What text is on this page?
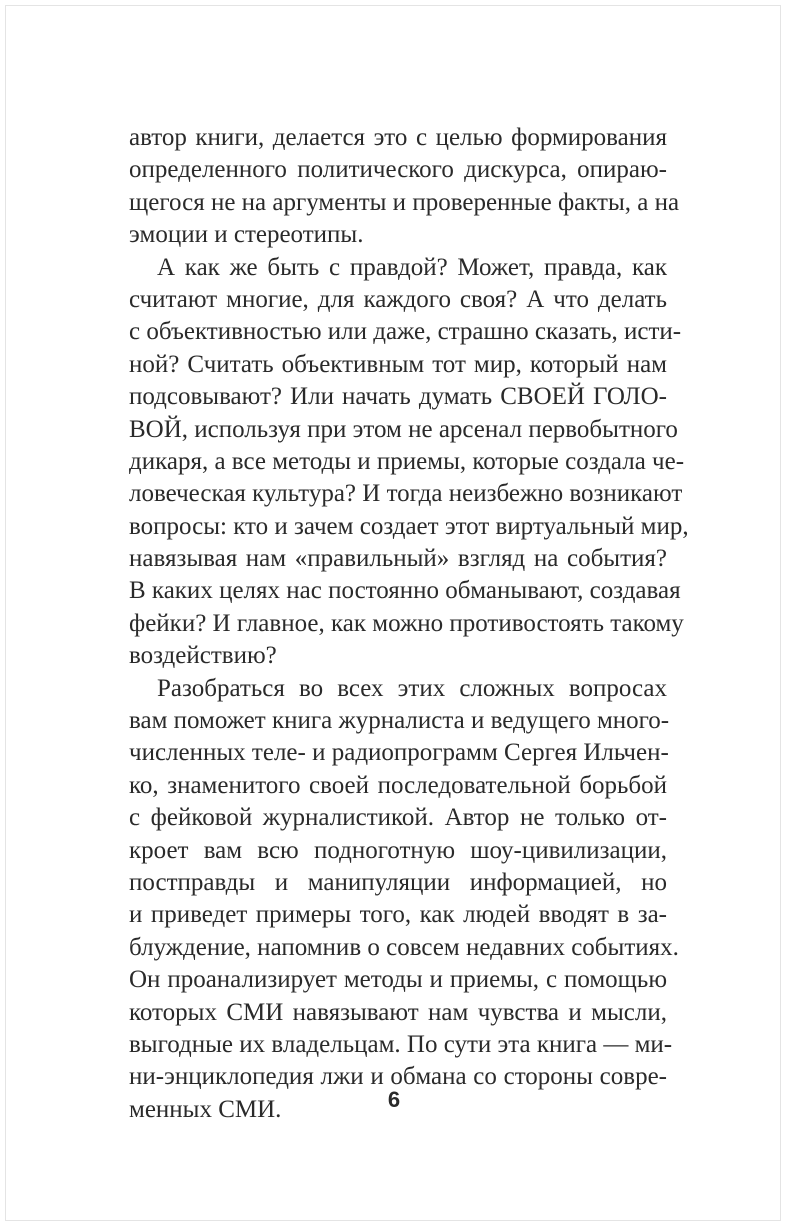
автор книги, делается это с целью формирования
определенного политического дискурса, опираю-
щегося не на аргументы и проверенные факты, а на
эмоции и стереотипы.
А как же быть с правдой? Может, правда, как
считают многие, для каждого своя? А что делать
с объективностью или даже, страшно сказать, исти-
ной? Считать объективным тот мир, который нам
подсовывают? Или начать думать СВОЕЙ ГОЛО-
ВОЙ, используя при этом не арсенал первобытного
дикаря, а все методы и приемы, которые создала че-
ловеческая культура? И тогда неизбежно возникают
вопросы: кто и зачем создает этот виртуальный мир,
навязывая нам «правильный» взгляд на события?
В каких целях нас постоянно обманывают, создавая
фейки? И главное, как можно противостоять такому
воздействию?
Разобраться во всех этих сложных вопросах
вам поможет книга журналиста и ведущего много-
численных теле- и радиопрограмм Сергея Ильчен-
ко, знаменитого своей последовательной борьбой
с фейковой журналистикой. Автор не только от-
кроет вам всю подноготную шоу-цивилизации,
постправды и манипуляции информацией, но
и приведет примеры того, как людей вводят в за-
блуждение, напомнив о совсем недавних событиях.
Он проанализирует методы и приемы, с помощью
которых СМИ навязывают нам чувства и мысли,
выгодные их владельцам. По сути эта книга — ми-
ни-энциклопедия лжи и обмана со стороны совре-
менных СМИ.	6
